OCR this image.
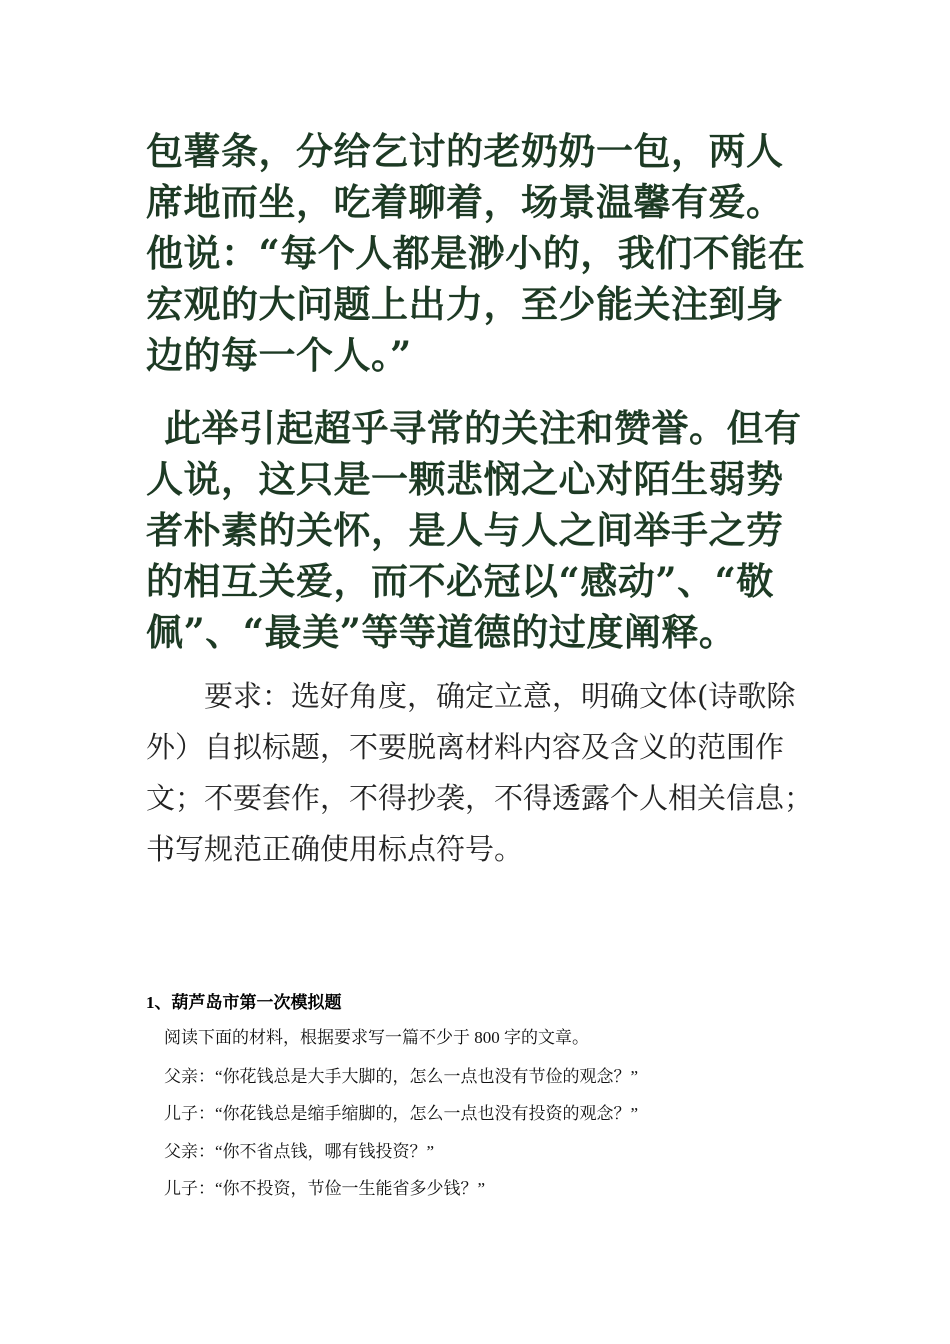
包薯条，分给乞讨的老奶奶一包，两人席地而坐，吃着聊着，场景温馨有爱。他说：“每个人都是渺小的，我们不能在宏观的大问题上出力，至少能关注到身边的每一个人。”
此举引起超乎寻常的关注和赞誉。但有人说，这只是一颗悲悯之心对陌生弱势者朴素的关怀，是人与人之间举手之劳的相互关爱，而不必冠以“感动”、“敬佩”、“最美”等等道德的过度阐释。
要求：选好角度，确定立意，明确文体(诗歌除外）自拟标题，不要脱离材料内容及含义的范围作文；不要套作，不得抄袭，不得透露个人相关信息；书写规范正确使用标点符号。
1、葫芦岛市第一次模拟题
阅读下面的材料，根据要求写一篇不少于 800 字的文章。
父亲：“你花钱总是大手大脚的，怎么一点也没有节俭的观念？”
儿子：“你花钱总是缩手缩脚的，怎么一点也没有投资的观念？”
父亲：“你不省点钱，哪有钱投资？”
儿子：“你不投资，节俭一生能省多少钱？”
